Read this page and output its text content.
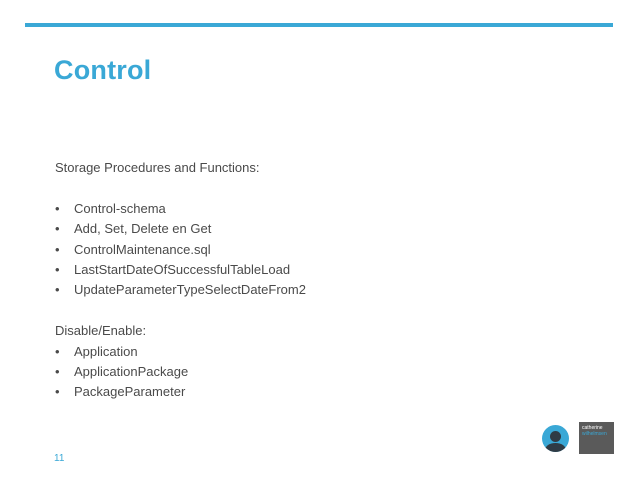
Control

Storage Procedures and Functions:

• Control-schema
• Add, Set, Delete en Get
• ControlMaintenance.sql
• LastStartDateOfSuccessfulTableLoad
• UpdateParameterTypeSelectDateFrom2

Disable/Enable:

• Application
• ApplicationPackage
• PackageParameter
11
catherine
wilhelmsen
